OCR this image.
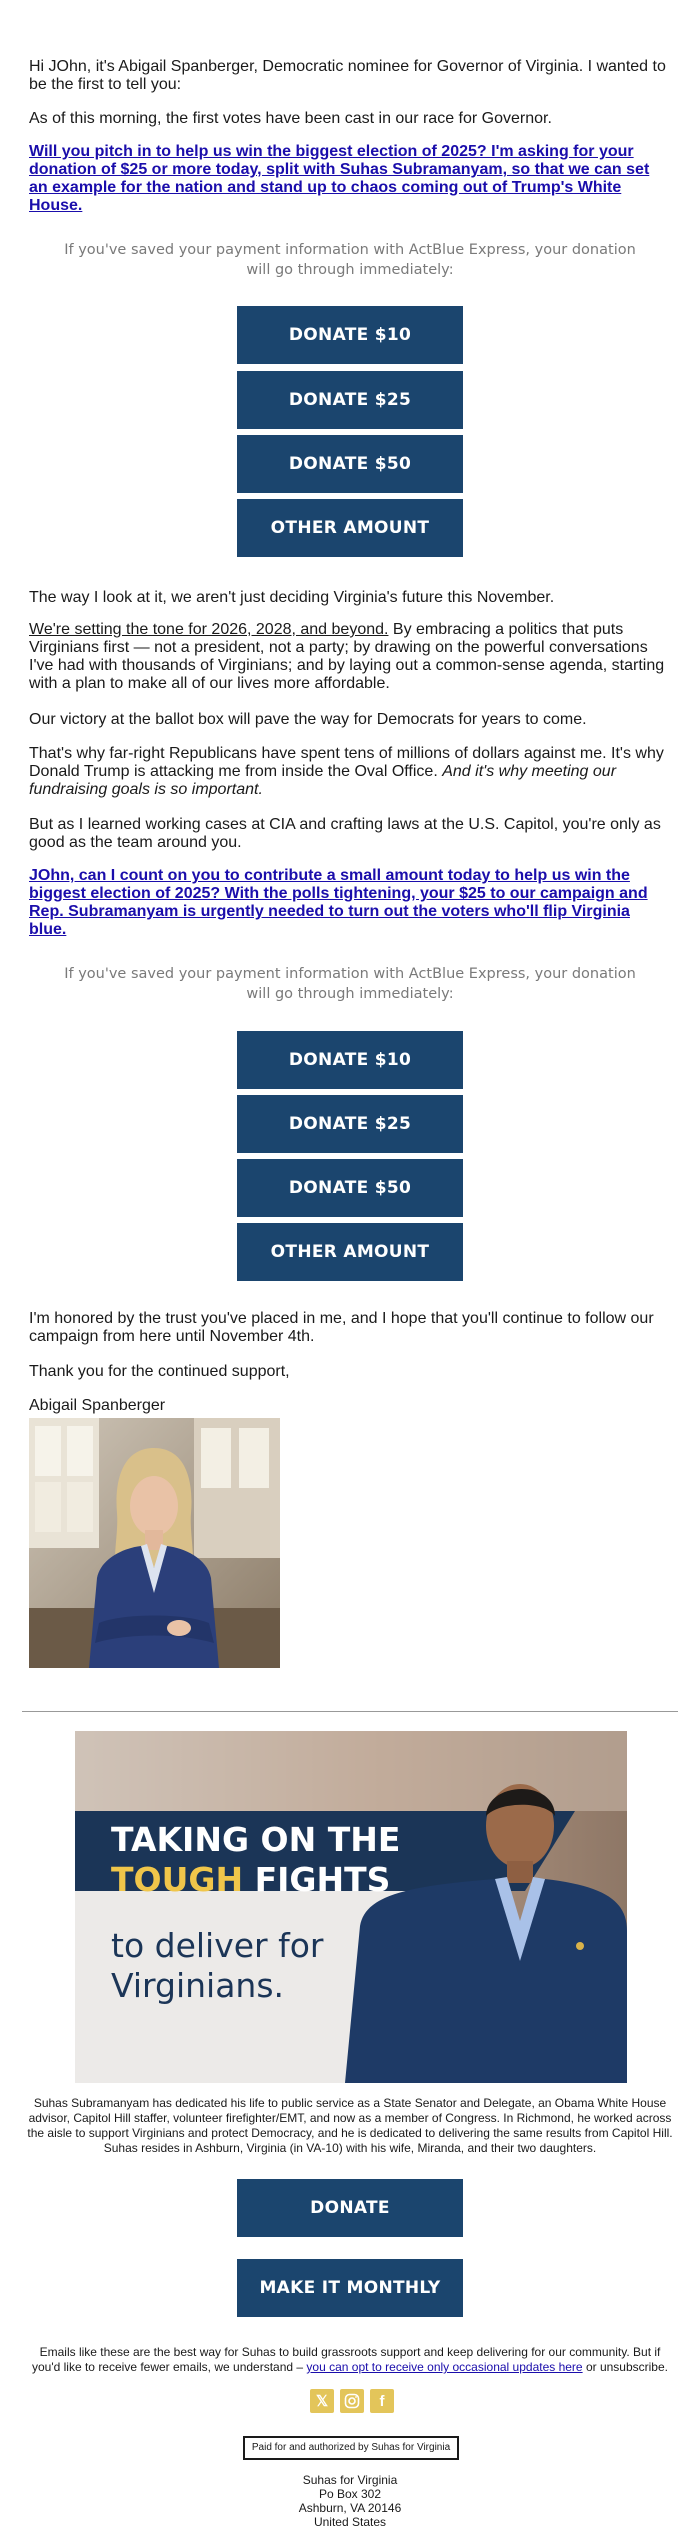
Hi JOhn, it's Abigail Spanberger, Democratic nominee for Governor of Virginia. I wanted to be the first to tell you:

As of this morning, the first votes have been cast in our race for Governor.

Will you pitch in to help us win the biggest election of 2025? I'm asking for your donation of $25 or more today, split with Suhas Subramanyam, so that we can set an example for the nation and stand up to chaos coming out of Trump's White House.
If you've saved your payment information with ActBlue Express, your donation will go through immediately:
DONATE $10
DONATE $25
DONATE $50
OTHER AMOUNT

The way I look at it, we aren't just deciding Virginia's future this November.

We're setting the tone for 2026, 2028, and beyond. By embracing a politics that puts Virginians first — not a president, not a party; by drawing on the powerful conversations I've had with thousands of Virginians; and by laying out a common-sense agenda, starting with a plan to make all of our lives more affordable.

Our victory at the ballot box will pave the way for Democrats for years to come.

That's why far-right Republicans have spent tens of millions of dollars against me. It's why Donald Trump is attacking me from inside the Oval Office. And it's why meeting our fundraising goals is so important.

But as I learned working cases at CIA and crafting laws at the U.S. Capitol, you're only as good as the team around you.

JOhn, can I count on you to contribute a small amount today to help us win the biggest election of 2025? With the polls tightening, your $25 to our campaign and Rep. Subramanyam is urgently needed to turn out the voters who'll flip Virginia blue.
If you've saved your payment information with ActBlue Express, your donation will go through immediately:
DONATE $10
DONATE $25
DONATE $50
OTHER AMOUNT

I'm honored by the trust you've placed in me, and I hope that you'll continue to follow our campaign from here until November 4th.

Thank you for the continued support,

Abigail Spanberger

TAKING ON THE
TOUGH FIGHTS
to deliver for
Virginians.
Suhas Subramanyam has dedicated his life to public service as a State Senator and Delegate, an Obama White House advisor, Capitol Hill staffer, volunteer firefighter/EMT, and now as a member of Congress. In Richmond, he worked across the aisle to support Virginians and protect Democracy, and he is dedicated to delivering the same results from Capitol Hill. Suhas resides in Ashburn, Virginia (in VA-10) with his wife, Miranda, and their two daughters.
DONATE
MAKE IT MONTHLY
Emails like these are the best way for Suhas to build grassroots support and keep delivering for our community. But if you'd like to receive fewer emails, we understand – you can opt to receive only occasional updates here or unsubscribe.
𝕏	f
Paid for and authorized by Suhas for Virginia
Suhas for Virginia
Po Box 302
Ashburn, VA 20146
United States
